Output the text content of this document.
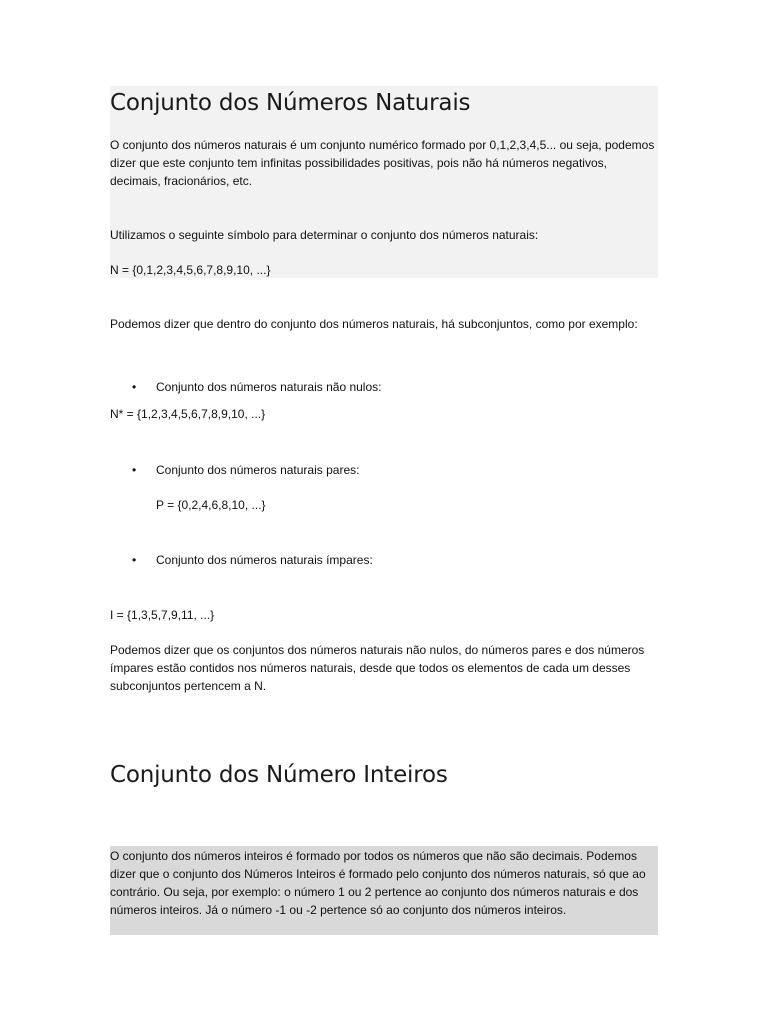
Conjunto dos Números Naturais

O conjunto dos números naturais é um conjunto numérico formado por 0,1,2,3,4,5... ou seja, podemos dizer que este conjunto tem infinitas possibilidades positivas, pois não há números negativos, decimais, fracionários, etc.

Utilizamos o seguinte símbolo para determinar o conjunto dos números naturais:

N = {0,1,2,3,4,5,6,7,8,9,10, ...}

Podemos dizer que dentro do conjunto dos números naturais, há subconjuntos, como por exemplo:

• Conjunto dos números naturais não nulos:

N* = {1,2,3,4,5,6,7,8,9,10, ...}

• Conjunto dos números naturais pares:
P = {0,2,4,6,8,10, ...}
• Conjunto dos números naturais ímpares:

I = {1,3,5,7,9,11, ...}

Podemos dizer que os conjuntos dos números naturais não nulos, do números pares e dos números ímpares estão contidos nos números naturais, desde que todos os elementos de cada um desses subconjuntos pertencem a N.

Conjunto dos Número Inteiros

O conjunto dos números inteiros é formado por todos os números que não são decimais. Podemos dizer que o conjunto dos Números Inteiros é formado pelo conjunto dos números naturais, só que ao contrário. Ou seja, por exemplo: o número 1 ou 2 pertence ao conjunto dos números naturais e dos números inteiros. Já o número -1 ou -2 pertence só ao conjunto dos números inteiros.
